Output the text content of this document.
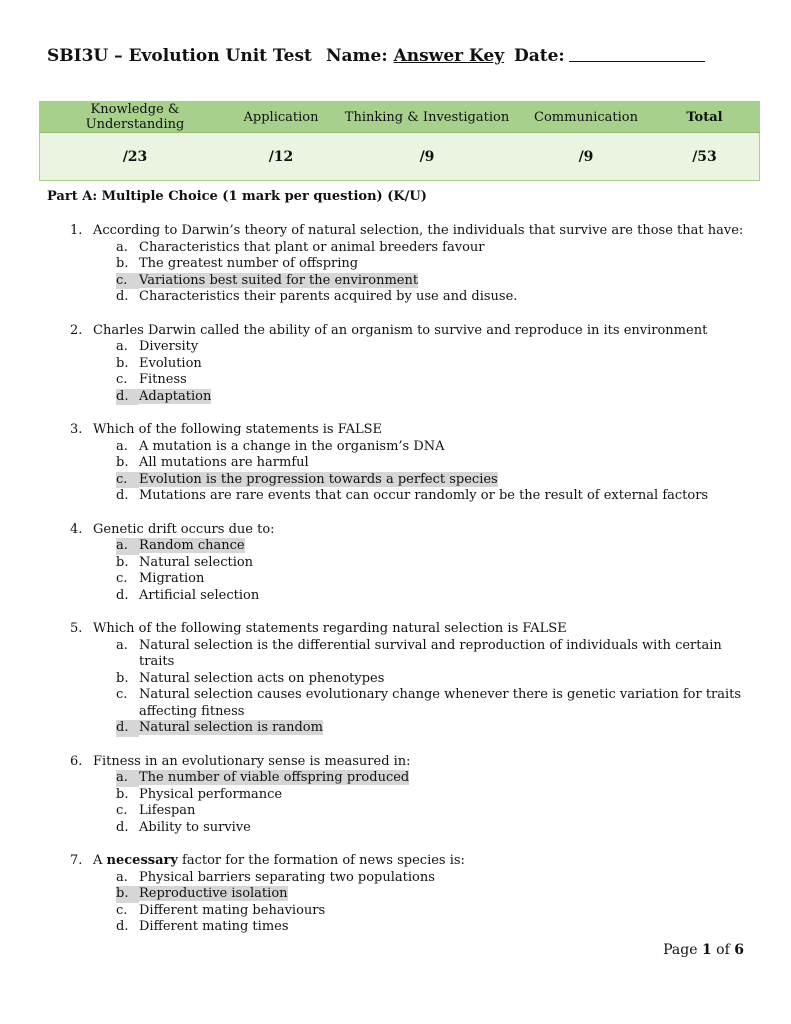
SBI3U – Evolution Unit Test Name: Answer Key Date:
Knowledge & Understanding	Application	Thinking & Investigation	Communication	Total
/23	/12	/9	/9	/53
Part A: Multiple Choice (1 mark per question) (K/U)
1. According to Darwin’s theory of natural selection, the individuals that survive are those that have:
a. Characteristics that plant or animal breeders favour
b. The greatest number of offspring
c. Variations best suited for the environment
d. Characteristics their parents acquired by use and disuse.
2. Charles Darwin called the ability of an organism to survive and reproduce in its environment
a. Diversity
b. Evolution
c. Fitness
d. Adaptation
3. Which of the following statements is FALSE
a. A mutation is a change in the organism’s DNA
b. All mutations are harmful
c. Evolution is the progression towards a perfect species
d. Mutations are rare events that can occur randomly or be the result of external factors
4. Genetic drift occurs due to:
a. Random chance
b. Natural selection
c. Migration
d. Artificial selection
5. Which of the following statements regarding natural selection is FALSE
a. Natural selection is the differential survival and reproduction of individuals with certain traits
b. Natural selection acts on phenotypes
c. Natural selection causes evolutionary change whenever there is genetic variation for traits affecting fitness
d. Natural selection is random
6. Fitness in an evolutionary sense is measured in:
a. The number of viable offspring produced
b. Physical performance
c. Lifespan
d. Ability to survive
7. A necessary factor for the formation of news species is:
a. Physical barriers separating two populations
b. Reproductive isolation
c. Different mating behaviours
d. Different mating times
Page 1 of 6
